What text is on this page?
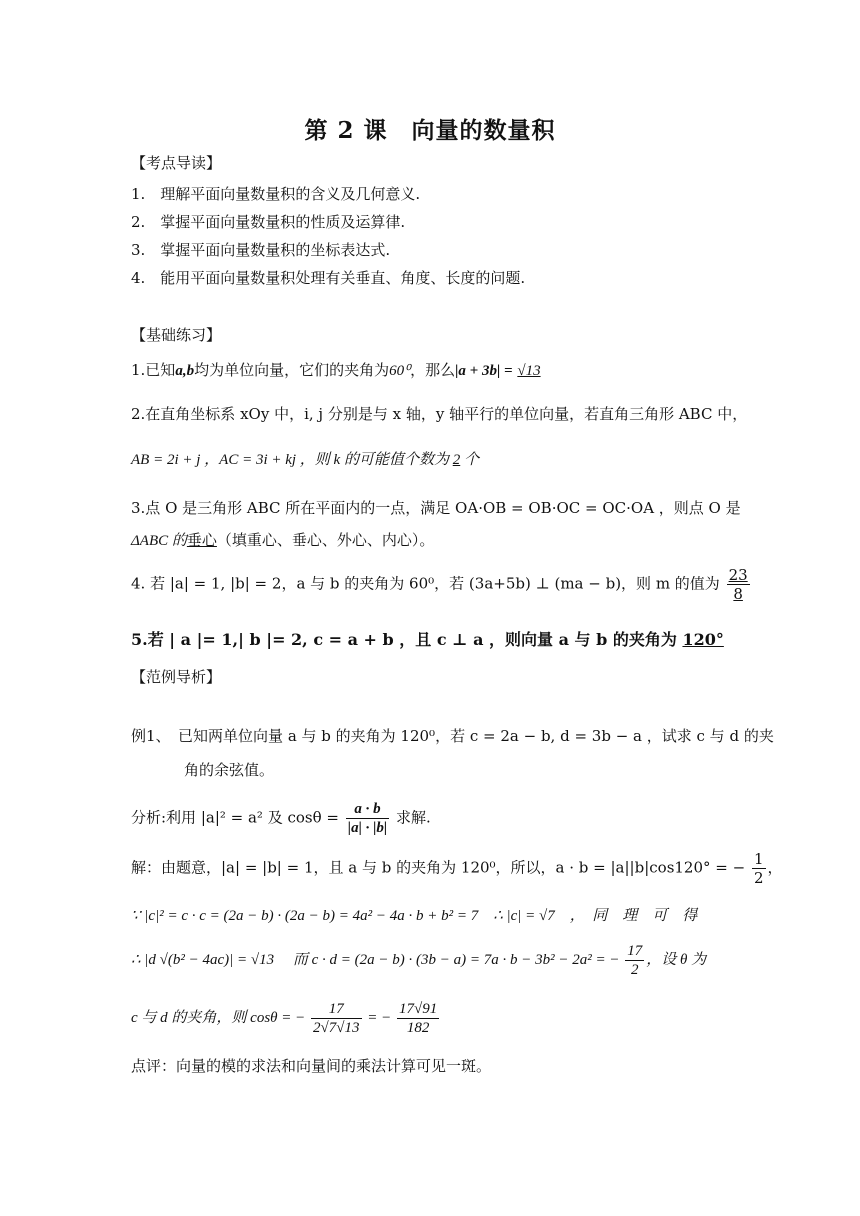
第 2 课　向量的数量积
【考点导读】
1.　理解平面向量数量积的含义及几何意义.
2.　掌握平面向量数量积的性质及运算律.
3.　掌握平面向量数量积的坐标表达式.
4.　能用平面向量数量积处理有关垂直、角度、长度的问题.
【基础练习】
1.已知a,b均为单位向量，它们的夹角为60⁰，那么|a + 3b| = √13
2.在直角坐标系 xOy 中，i, j 分别是与 x 轴，y 轴平行的单位向量，若直角三角形 ABC 中，
AB = 2i + j ，AC = 3i + kj ，则 k 的可能值个数为 2 个
3.点 O 是三角形 ABC 所在平面内的一点，满足 OA·OB = OB·OC = OC·OA ，则点 O 是
ΔABC 的垂心（填重心、垂心、外心、内心）。
4. 若 |a| = 1, |b| = 2，a 与 b 的夹角为 60⁰，若 (3a+5b) ⊥ (ma − b)，则 m 的值为 $\frac{23}{8}$
5.若 | a |= 1,| b |= 2, c = a + b ，且 c ⊥ a ，则向量 a 与 b 的夹角为 120°
【范例导析】
例1、　已知两单位向量 a 与 b 的夹角为 120⁰，若 c = 2a − b, d = 3b − a ，试求 c 与 d 的夹
角的余弦值。
分析:利用 |a|² = a² 及 $\cos\theta = \frac{a \cdot b}{|a| \cdot |b|}$ 求解.
解：由题意，|a| = |b| = 1，且 a 与 b 的夹角为 120⁰，所以，a · b = |a||b|cos120° = − $\frac{1}{2}$ ，
∵ |c|² = c · c = (2a − b) · (2a − b) = 4a² − 4a · b + b² = 7　∴ |c| = √7　，　同　理　可　得
∴ |d √(b² − 4ac)| = √13　 而 c · d = (2a − b) · (3b − a) = 7a · b − 3b² − 2a² = − $\frac{17}{2}$ ，设 θ 为
c 与 d 的夹角，则 cosθ = − $\frac{17}{2√7√13}$ = − $\frac{17√91}{182}$
点评：向量的模的求法和向量间的乘法计算可见一斑。
